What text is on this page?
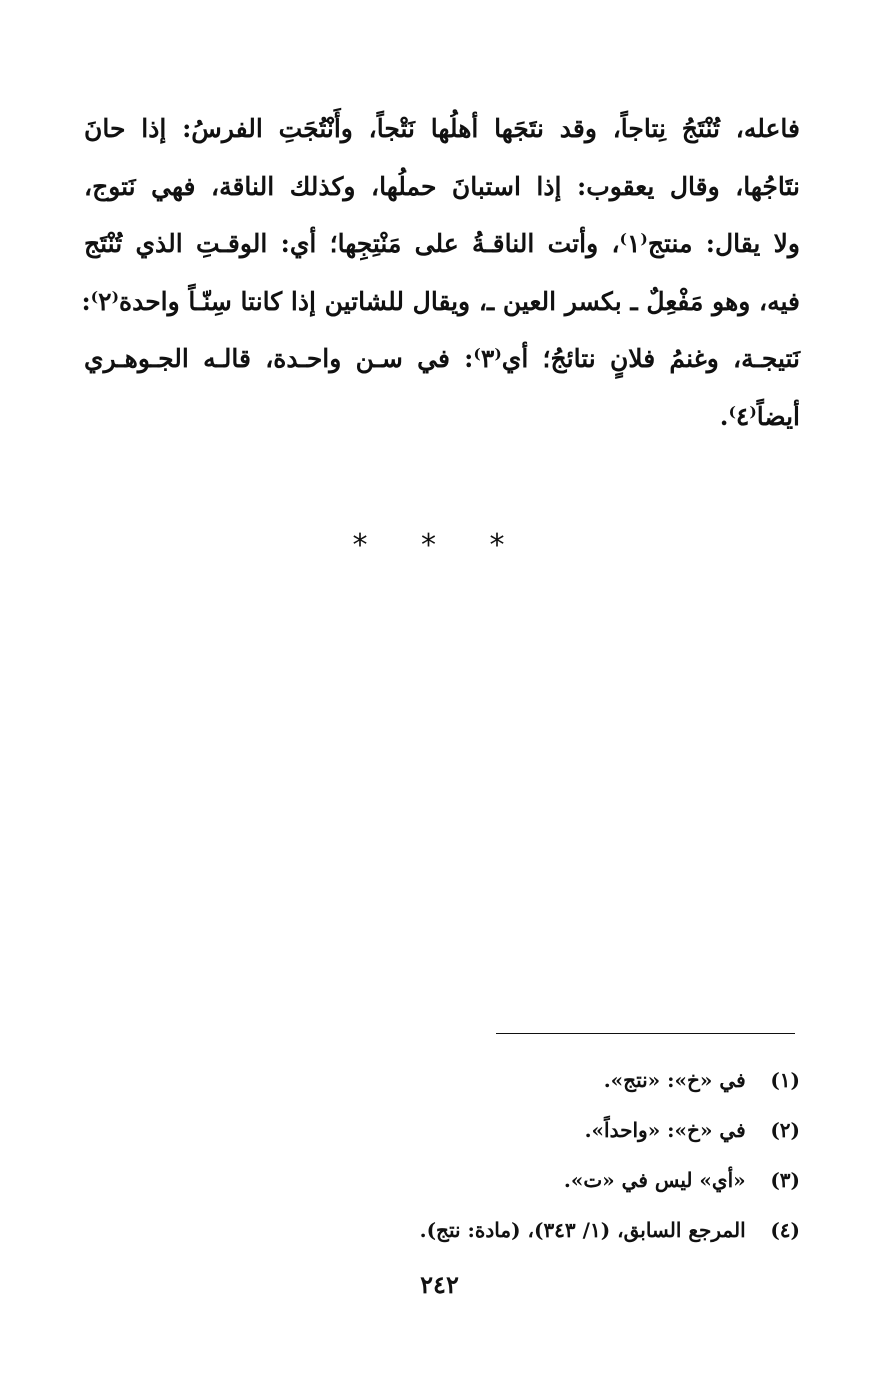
فاعله، تُنْتَجُ نِتاجاً، وقد نتَجَها أهلُها نَتْجاً، وأَنْتُجَتِ الفرسُ: إذا حانَ
نتَاجُها، وقال يعقوب: إذا استبانَ حملُها، وكذلك الناقة، فهي نَتوج،
ولا يقال: منتج⁽١⁾، وأتت الناقـةُ على مَنْتِجِها؛ أي: الوقـتِ الذي تُنْتَج
فيه، وهو مَفْعِلٌ ـ بكسر العين ـ، ويقال للشاتين إذا كانتا سِنّـاً واحدة⁽٢⁾:
نَتيجـة، وغنمُ فلانٍ نتائجُ؛ أي⁽٣⁾: في سـن واحـدة، قالـه الجـوهـري
أيضاً⁽٤⁾.
* * *
(١) في «خ»: «نتج».
(٢) في «خ»: «واحداً».
(٣) «أي» ليس في «ت».
(٤) المرجع السابق، (١/ ٣٤٣)، (مادة: نتج).
٢٤٢
